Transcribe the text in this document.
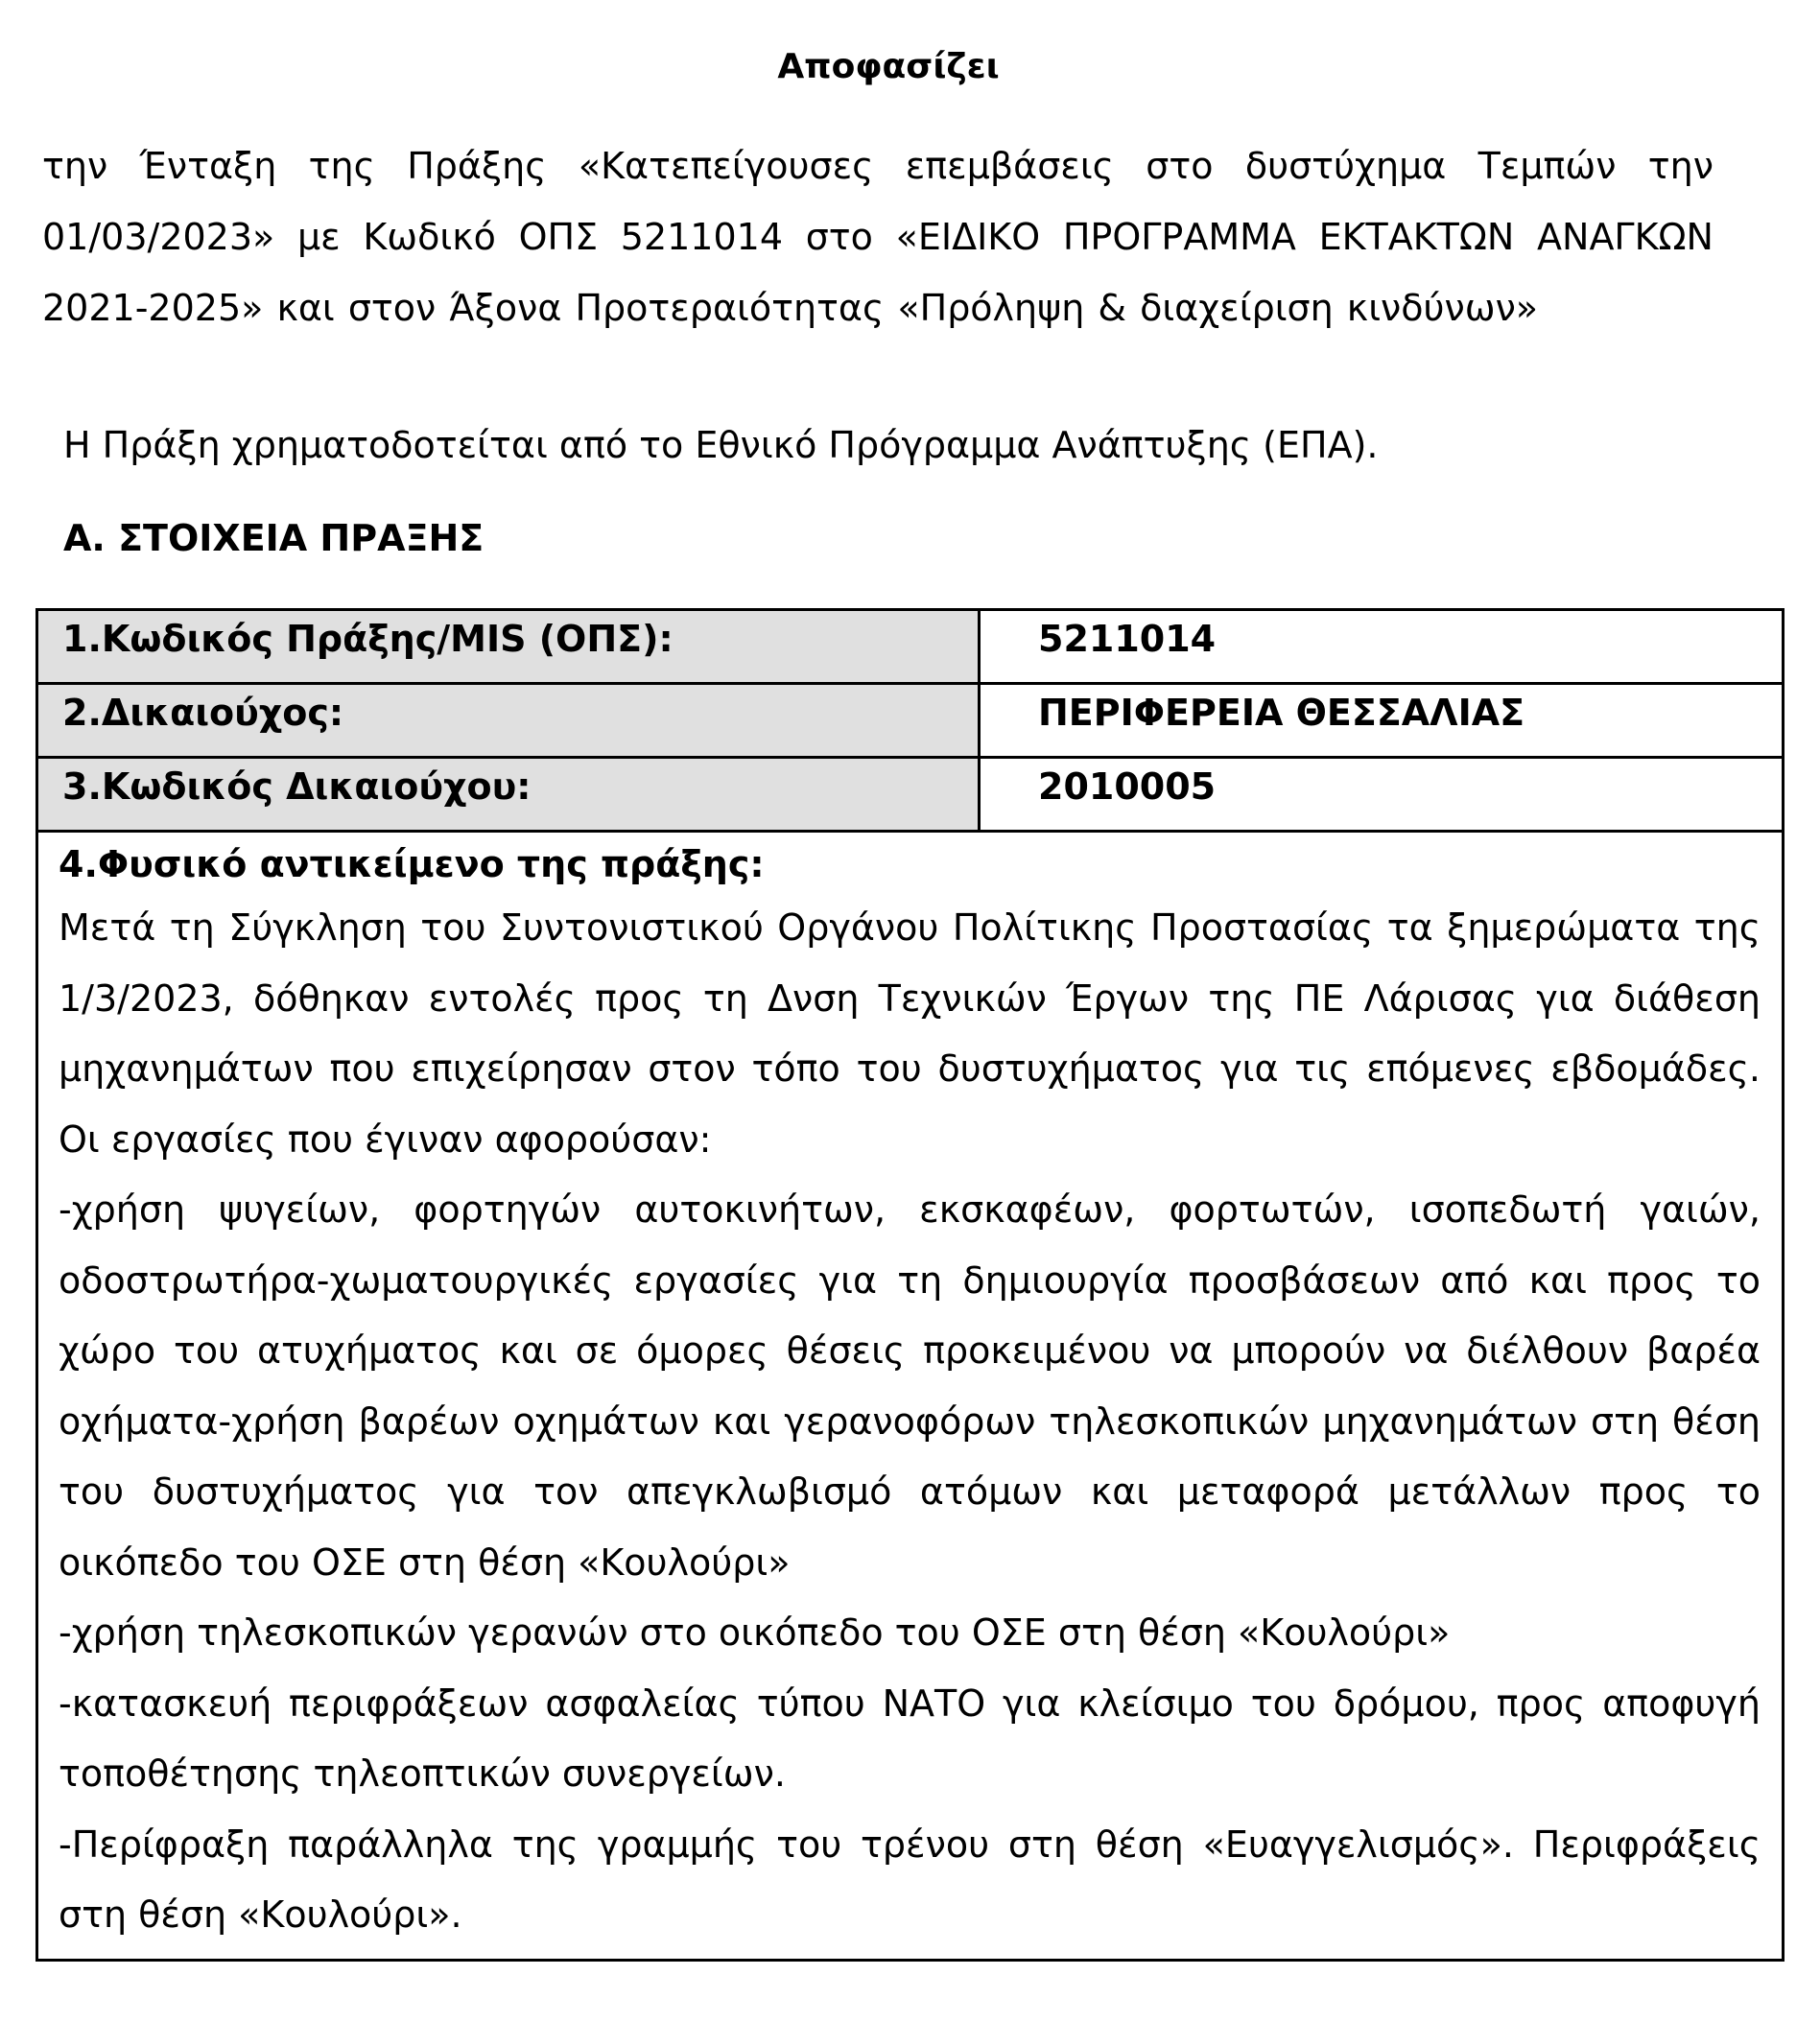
Αποφασίζει
την Ένταξη της Πράξης «Κατεπείγουσες επεμβάσεις στο δυστύχημα Τεμπών την 01/03/2023» με Κωδικό ΟΠΣ 5211014 στο «ΕΙΔΙΚΟ ΠΡΟΓΡΑΜΜΑ ΕΚΤΑΚΤΩΝ ΑΝΑΓΚΩΝ 2021-2025» και στον Άξονα Προτεραιότητας «Πρόληψη & διαχείριση κινδύνων»
Η Πράξη χρηματοδοτείται από το Εθνικό Πρόγραμμα Ανάπτυξης (ΕΠΑ).
Α. ΣΤΟΙΧΕΙΑ ΠΡΑΞΗΣ
1.Κωδικός Πράξης/MIS (ΟΠΣ):	5211014
2.Δικαιούχος:	ΠΕΡΙΦΕΡΕΙΑ ΘΕΣΣΑΛΙΑΣ
3.Κωδικός Δικαιούχου:	2010005
4.Φυσικό αντικείμενο της πράξης:
Μετά τη Σύγκληση του Συντονιστικού Οργάνου Πολίτικης Προστασίας τα ξημερώματα της 1/3/2023, δόθηκαν εντολές προς τη Δνση Τεχνικών Έργων της ΠΕ Λάρισας για διάθεση μηχανημάτων που επιχείρησαν στον τόπο του δυστυχήματος για τις επόμενες εβδομάδες. Οι εργασίες που έγιναν αφορούσαν:
-χρήση ψυγείων, φορτηγών αυτοκινήτων, εκσκαφέων, φορτωτών, ισοπεδωτή γαιών, οδοστρωτήρα-χωματουργικές εργασίες για τη δημιουργία προσβάσεων από και προς το χώρο του ατυχήματος και σε όμορες θέσεις προκειμένου να μπορούν να διέλθουν βαρέα οχήματα-χρήση βαρέων οχημάτων και γερανοφόρων τηλεσκοπικών μηχανημάτων στη θέση του δυστυχήματος για τον απεγκλωβισμό ατόμων και μεταφορά μετάλλων προς το οικόπεδο του ΟΣΕ στη θέση «Κουλούρι»
-χρήση τηλεσκοπικών γερανών στο οικόπεδο του ΟΣΕ στη θέση «Κουλούρι»
-κατασκευή περιφράξεων ασφαλείας τύπου ΝΑΤΟ για κλείσιμο του δρόμου, προς αποφυγή τοποθέτησης τηλεοπτικών συνεργείων.
-Περίφραξη παράλληλα της γραμμής του τρένου στη θέση «Ευαγγελισμός». Περιφράξεις στη θέση «Κουλούρι».
